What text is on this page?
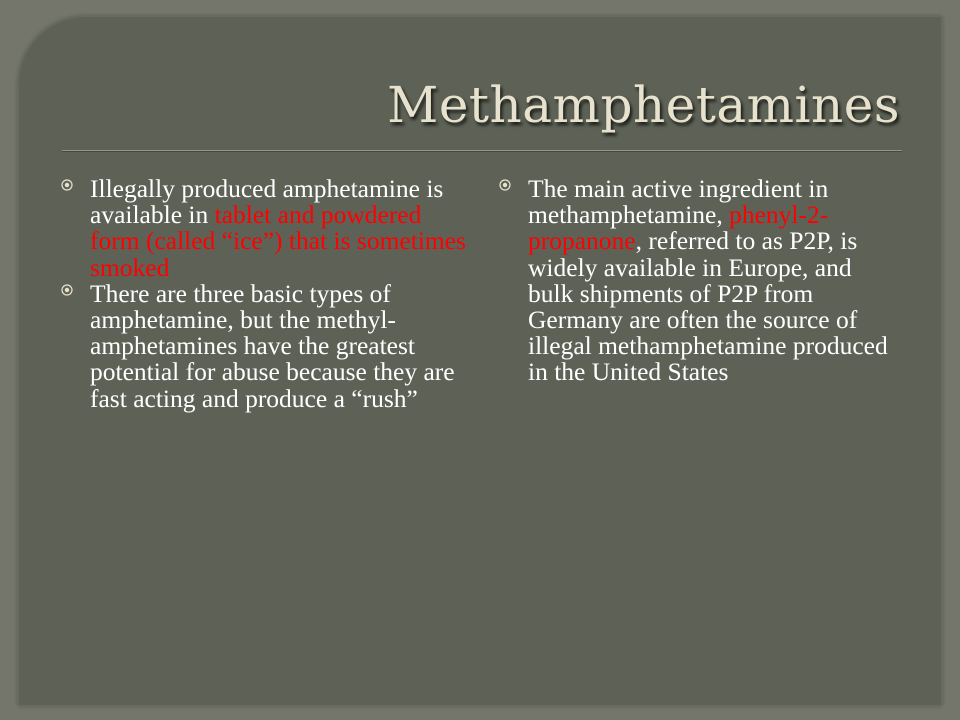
Methamphetamines
Illegally produced amphetamine is available in tablet and powdered form (called “ice”) that is sometimes smoked
There are three basic types of amphetamine, but the methyl-amphetamines have the greatest potential for abuse because they are fast acting and produce a “rush”
The main active ingredient in methamphetamine, phenyl-2-propanone, referred to as P2P, is widely available in Europe, and bulk shipments of P2P from Germany are often the source of illegal methamphetamine produced in the United States
